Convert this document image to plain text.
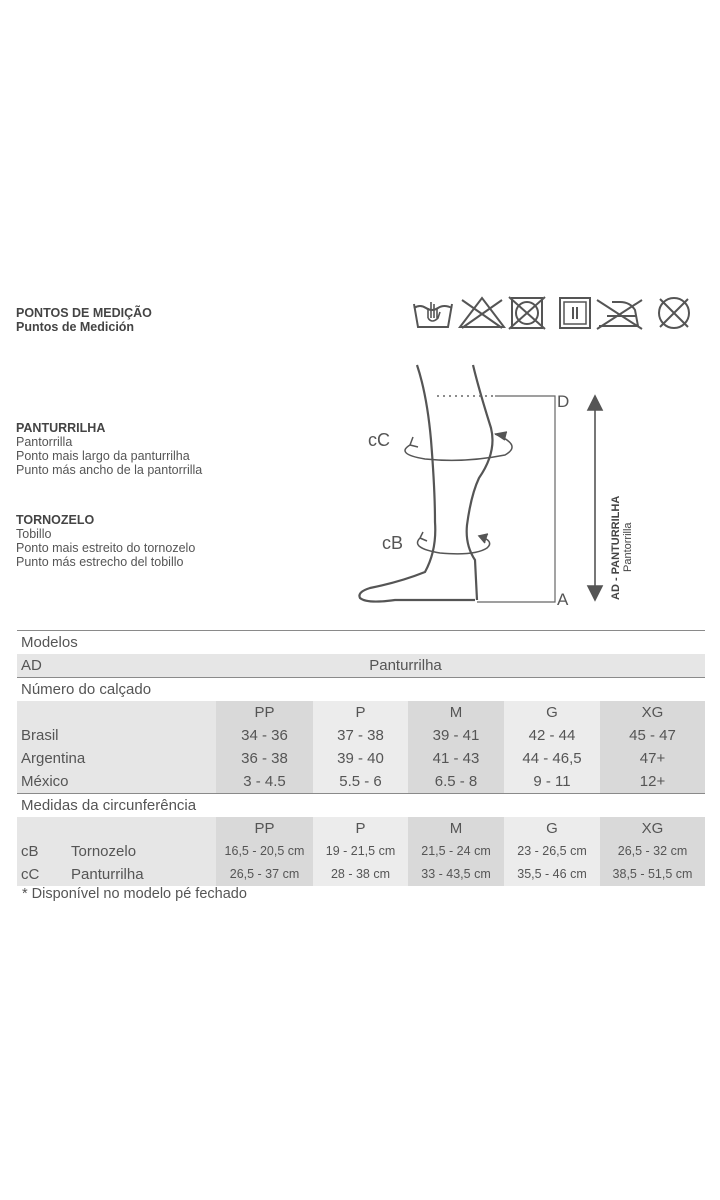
PONTOS DE MEDIÇÃO
Puntos de Medición
PANTURRILHA
Pantorrilla
Ponto mais largo da panturrilha
Punto más ancho de la pantorrilla
TORNOZELO
Tobillo
Ponto mais estreito do tornozelo
Punto más estrecho del tobillo
cC
cB
D
A	AD - PANTURRILHA Pantorrilla
Modelos						
AD		Panturrilha				
Número do calçado						
		PP	P	M	G	XG
Brasil		34 - 36	37 - 38	39 - 41	42 - 44	45 - 47
Argentina		36 - 38	39 - 40	41 - 43	44 - 46,5	47+
México		3 - 4.5	5.5 - 6	6.5 - 8	9 - 11	12+
Medidas da circunferência						
		PP	P	M	G	XG
cB	Tornozelo	16,5 - 20,5 cm	19 - 21,5 cm	21,5 - 24 cm	23 - 26,5 cm	26,5 - 32 cm
cC	Panturrilha	26,5 - 37 cm	28 - 38 cm	33 - 43,5 cm	35,5 - 46 cm	38,5 - 51,5 cm
* Disponível no modelo pé fechado
